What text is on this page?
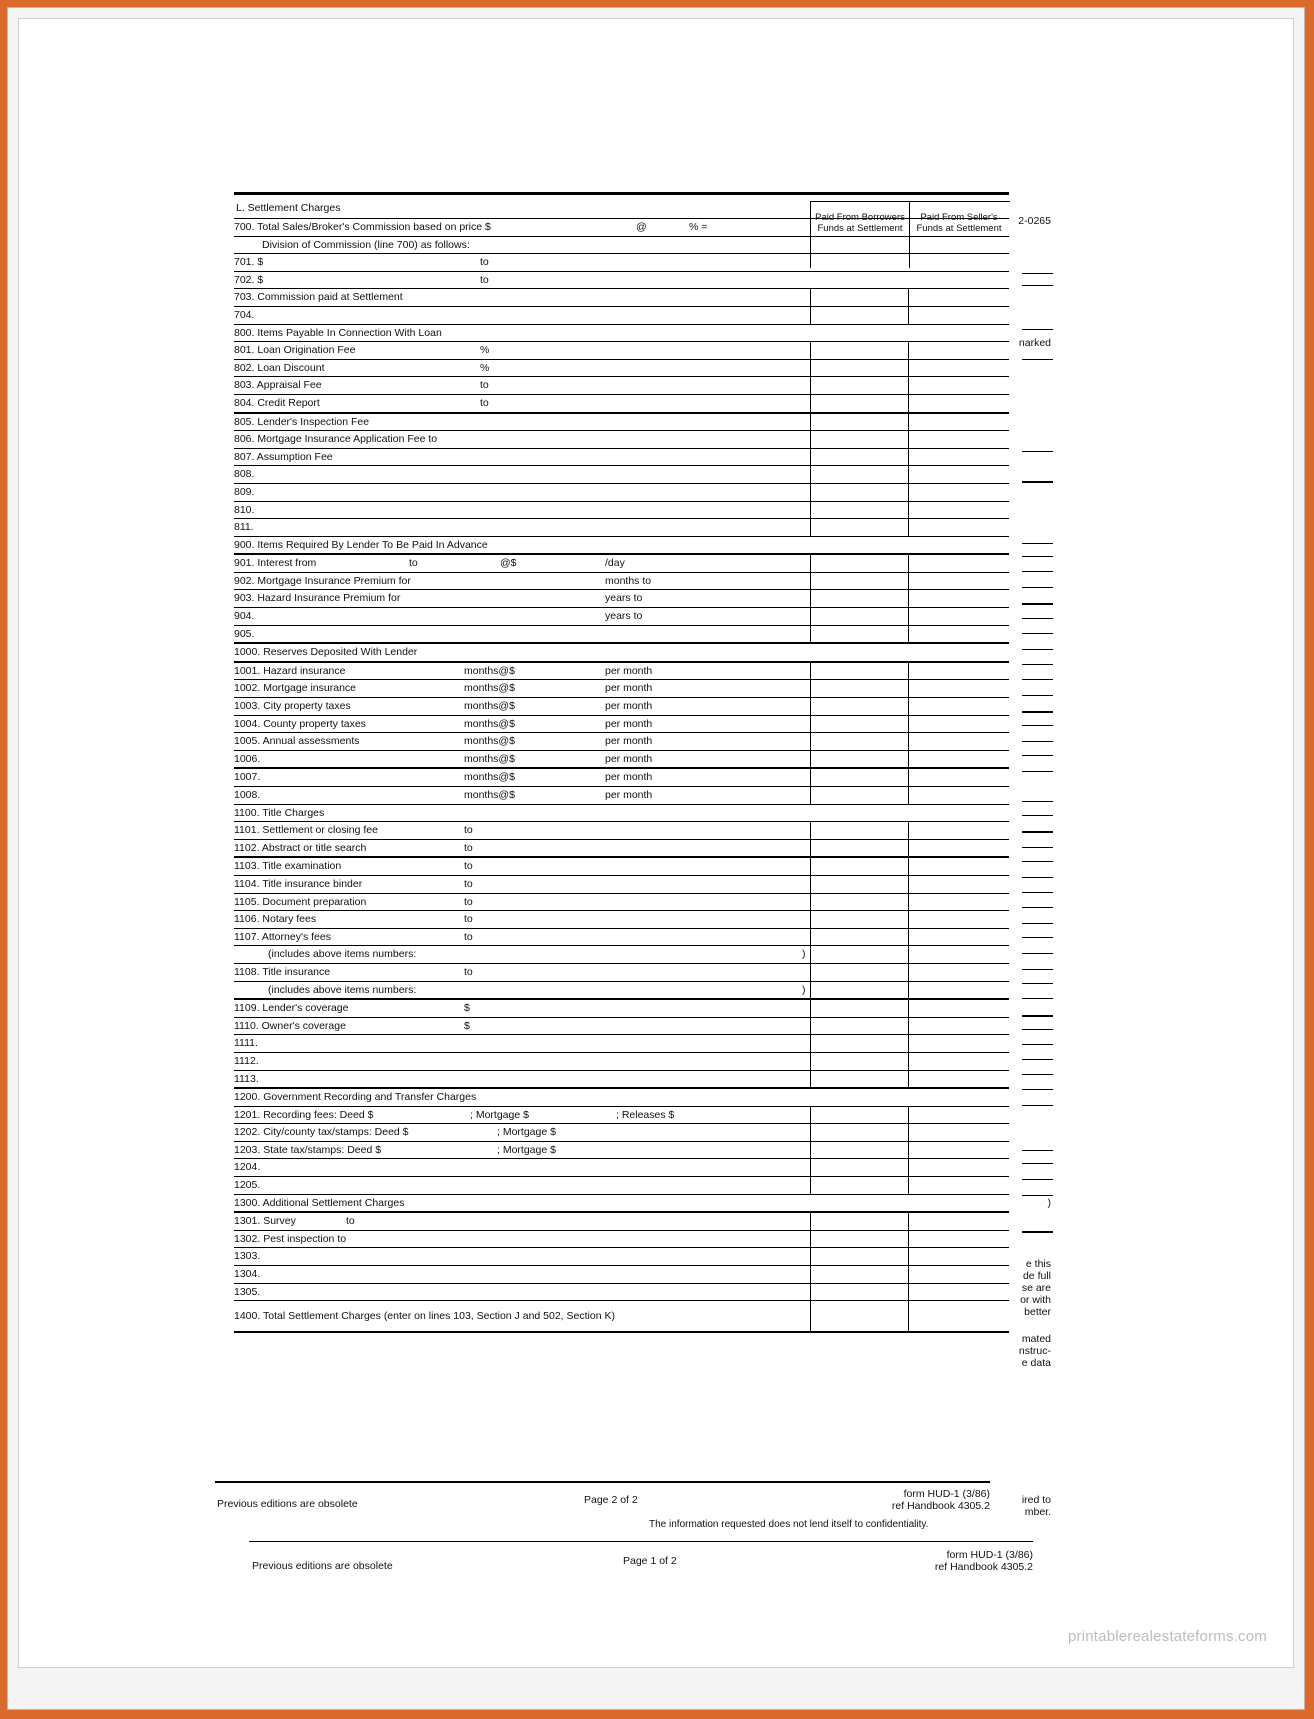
2-0265
narked
)
e this
de full
se are
or with
better
mated
nstruc-
e data
ired to
mber.
L. Settlement Charges
700. Total Sales/Broker's Commission based on price $	@	% =
Division of Commission (line 700) as follows:
701. $	to
702. $	to
703. Commission paid at Settlement
704.
800. Items Payable In Connection With Loan
801. Loan Origination Fee	%
802. Loan Discount	%
803. Appraisal Fee	to
804. Credit Report	to
805. Lender's Inspection Fee
806. Mortgage Insurance Application Fee to
807. Assumption Fee
808.
809.
810.
811.
900. Items Required By Lender To Be Paid In Advance
901. Interest from	to	@$	/day
902. Mortgage Insurance Premium for	months to
903. Hazard Insurance Premium for	years to
904.	years to
905.
1000. Reserves Deposited With Lender
1001. Hazard insurance	months@$	per month
1002. Mortgage insurance	months@$	per month
1003. City property taxes	months@$	per month
1004. County property taxes	months@$	per month
1005. Annual assessments	months@$	per month
1006.	months@$	per month
1007.	months@$	per month
1008.	months@$	per month
1100. Title Charges
1101. Settlement or closing fee	to
1102. Abstract or title search	to
1103. Title examination	to
1104. Title insurance binder	to
1105. Document preparation	to
1106. Notary fees	to
1107. Attorney's fees	to
(includes above items numbers:	)
1108. Title insurance	to
(includes above items numbers:	)
1109. Lender's coverage	$
1110. Owner's coverage	$
1111.
1112.
1113.
1200. Government Recording and Transfer Charges
1201. Recording fees: Deed $	; Mortgage $	; Releases $
1202. City/county tax/stamps: Deed $	; Mortgage $
1203. State tax/stamps: Deed $	; Mortgage $
1204.
1205.
1300. Additional Settlement Charges
1301. Survey	to
1302. Pest inspection to
1303.
1304.
1305.
1400. Total Settlement Charges (enter on lines 103, Section J and 502, Section K)
Paid From Borrowers Funds at Settlement
Paid From Seller's Funds at Settlement
Previous editions are obsolete	Page 2 of 2	form HUD-1 (3/86)
ref Handbook 4305.2
The information requested does not lend itself to confidentiality.
Previous editions are obsolete	Page 1 of 2	form HUD-1 (3/86)
ref Handbook 4305.2
printablerealestateforms.com
